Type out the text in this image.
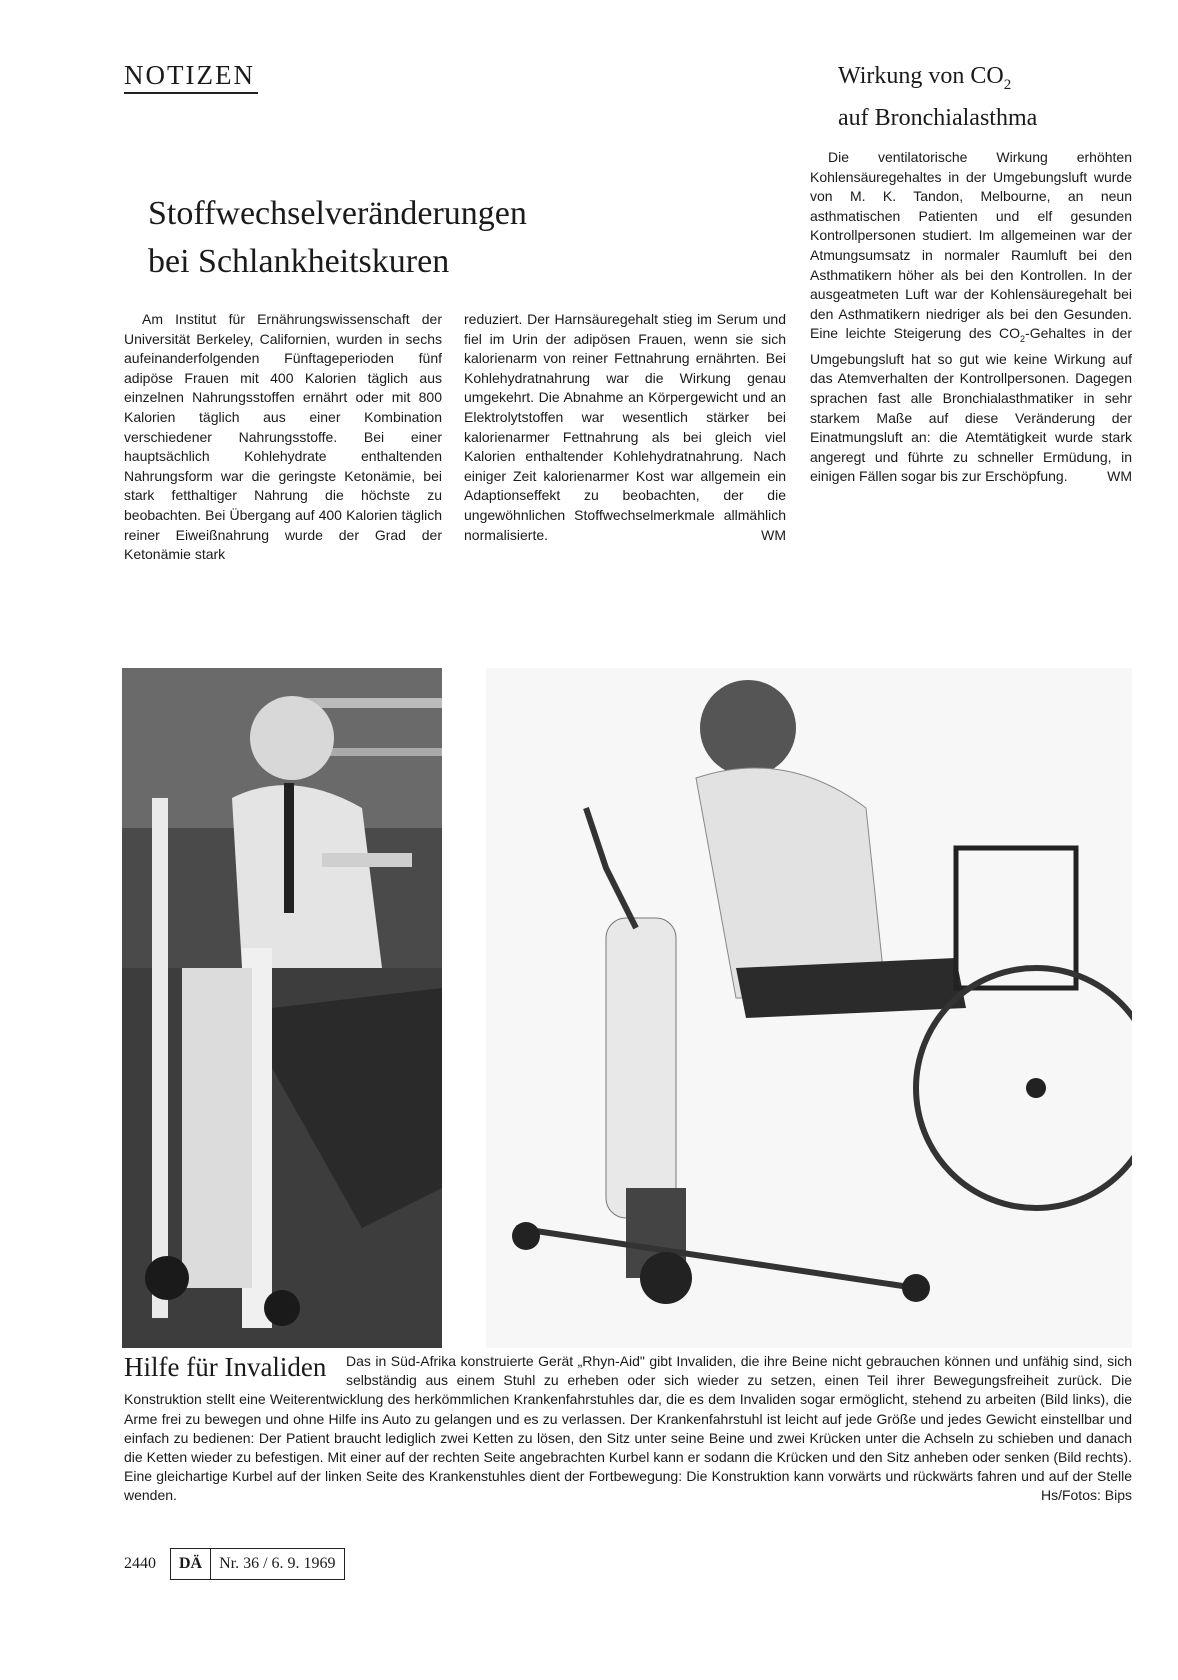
NOTIZEN	Wirkung von $CO_2$
auf Bronchialasthma
Stoffwechselveränderungen
bei Schlankheitskuren

Am Institut für Ernährungswissenschaft der Universität Berkeley, Californien, wurden in sechs aufeinanderfolgenden Fünftageperioden fünf adipöse Frauen mit 400 Kalorien täglich aus einzelnen Nahrungsstoffen ernährt oder mit 800 Kalorien täglich aus einer Kombination verschiedener Nahrungsstoffe. Bei einer hauptsächlich Kohlehydrate enthaltenden Nahrungsform war die geringste Ketonämie, bei stark fetthaltiger Nahrung die höchste zu beobachten. Bei Übergang auf 400 Kalorien täglich reiner Eiweißnahrung wurde der Grad der Ketonämie stark

reduziert. Der Harnsäuregehalt stieg im Serum und fiel im Urin der adipösen Frauen, wenn sie sich kalorienarm von reiner Fettnahrung ernährten. Bei Kohlehydratnahrung war die Wirkung genau umgekehrt. Die Abnahme an Körpergewicht und an Elektrolytstoffen war wesentlich stärker bei kalorienarmer Fettnahrung als bei gleich viel Kalorien enthaltender Kohlehydratnahrung. Nach einiger Zeit kalorienarmer Kost war allgemein ein Adaptionseffekt zu beobachten, der die ungewöhnlichen Stoffwechselmerkmale allmählich normalisierte.	WM

Die ventilatorische Wirkung erhöhten Kohlensäuregehaltes in der Umgebungsluft wurde von M. K. Tandon, Melbourne, an neun asthmatischen Patienten und elf gesunden Kontrollpersonen studiert. Im allgemeinen war der Atmungsumsatz in normaler Raumluft bei den Asthmatikern höher als bei den Kontrollen. In der ausgeatmeten Luft war der Kohlensäuregehalt bei den Asthmatikern niedriger als bei den Gesunden. Eine leichte Steigerung des $CO_2$-Gehaltes in der Umgebungsluft hat so gut wie keine Wirkung auf das Atemverhalten der Kontrollpersonen. Dagegen sprachen fast alle Bronchialasthmatiker in sehr starkem Maße auf diese Veränderung der Einatmungsluft an: die Atemtätigkeit wurde stark angeregt und führte zu schneller Ermüdung, in einigen Fällen sogar bis zur Erschöpfung.	WM

Hilfe für Invaliden	Das in Süd-Afrika konstruierte Gerät „Rhyn-Aid" gibt Invaliden, die ihre Beine nicht gebrauchen können und unfähig sind, sich selbständig aus einem Stuhl zu erheben oder sich wieder zu setzen, einen Teil ihrer Bewegungsfreiheit zurück. Die Konstruktion stellt eine Weiterentwicklung des herkömmlichen Krankenfahrstuhles dar, die es dem Invaliden sogar ermöglicht, stehend zu arbeiten (Bild links), die Arme frei zu bewegen und ohne Hilfe ins Auto zu gelangen und es zu verlassen. Der Krankenfahrstuhl ist leicht auf jede Größe und jedes Gewicht einstellbar und einfach zu bedienen: Der Patient braucht lediglich zwei Ketten zu lösen, den Sitz unter seine Beine und zwei Krücken unter die Achseln zu schieben und danach die Ketten wieder zu befestigen. Mit einer auf der rechten Seite angebrachten Kurbel kann er sodann die Krücken und den Sitz anheben oder senken (Bild rechts). Eine gleichartige Kurbel auf der linken Seite des Krankenstuhles dient der Fortbewegung: Die Konstruktion kann vorwärts und rückwärts fahren und auf der Stelle wenden.	Hs/Fotos: Bips
2440	DÄ	Nr. 36 / 6. 9. 1969
